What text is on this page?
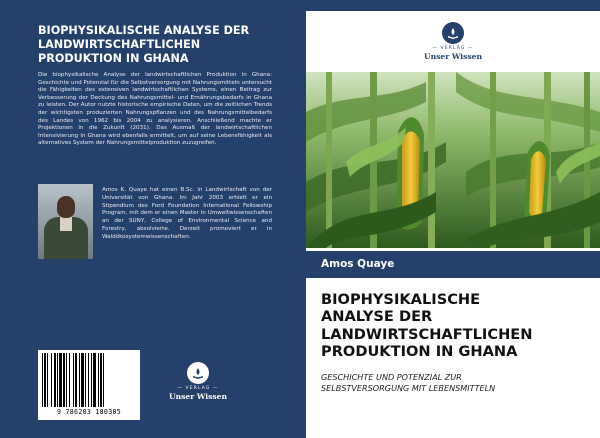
BIOPHYSIKALISCHE ANALYSE DER
LANDWIRTSCHAFTLICHEN
PRODUKTION IN GHANA
Die biophysikalische Analyse der landwirtschaftlichen Produktion in Ghana: Geschichte und Potenzial für die Selbstversorgung mit Nahrungsmitteln untersucht die Fähigkeiten des extensiven landwirtschaftlichen Systems, einen Beitrag zur Verbesserung der Deckung des Nahrungsmittel- und Ernährungsbedarfs in Ghana zu leisten. Der Autor nutzte historische empirische Daten, um die zeitlichen Trends der wichtigsten produzierten Nahrungspflanzen und des Nahrungsmittelbedarfs des Landes von 1962 bis 2004 zu analysieren. Anschließend machte er Projektionen in die Zukunft (2031). Das Ausmaß der landwirtschaftlichen Intensivierung in Ghana wird ebenfalls ermittelt, um auf seine Lebensfähigkeit als alternatives System der Nahrungsmittelproduktion zuzugreifen.
Amos K. Quaye hat einen B.Sc. in Landwirtschaft von der Universität von Ghana. Im Jahr 2003 erhielt er ein Stipendium des Ford Foundation International Fellowship Program, mit dem er einen Master in Umweltwissenschaften an der SUNY, College of Environmental Science and Forestry, absolvierte. Derzeit promoviert er in Waldökosystemwissenschaften.
9 786203 180305
— VERLAG —
Unser Wissen
— VERLAG —
Unser Wissen
Amos Quaye
BIOPHYSIKALISCHE
ANALYSE DER
LANDWIRTSCHAFTLICHEN
PRODUKTION IN GHANA
GESCHICHTE UND POTENZIAL ZUR
SELBSTVERSORGUNG MIT LEBENSMITTELN
